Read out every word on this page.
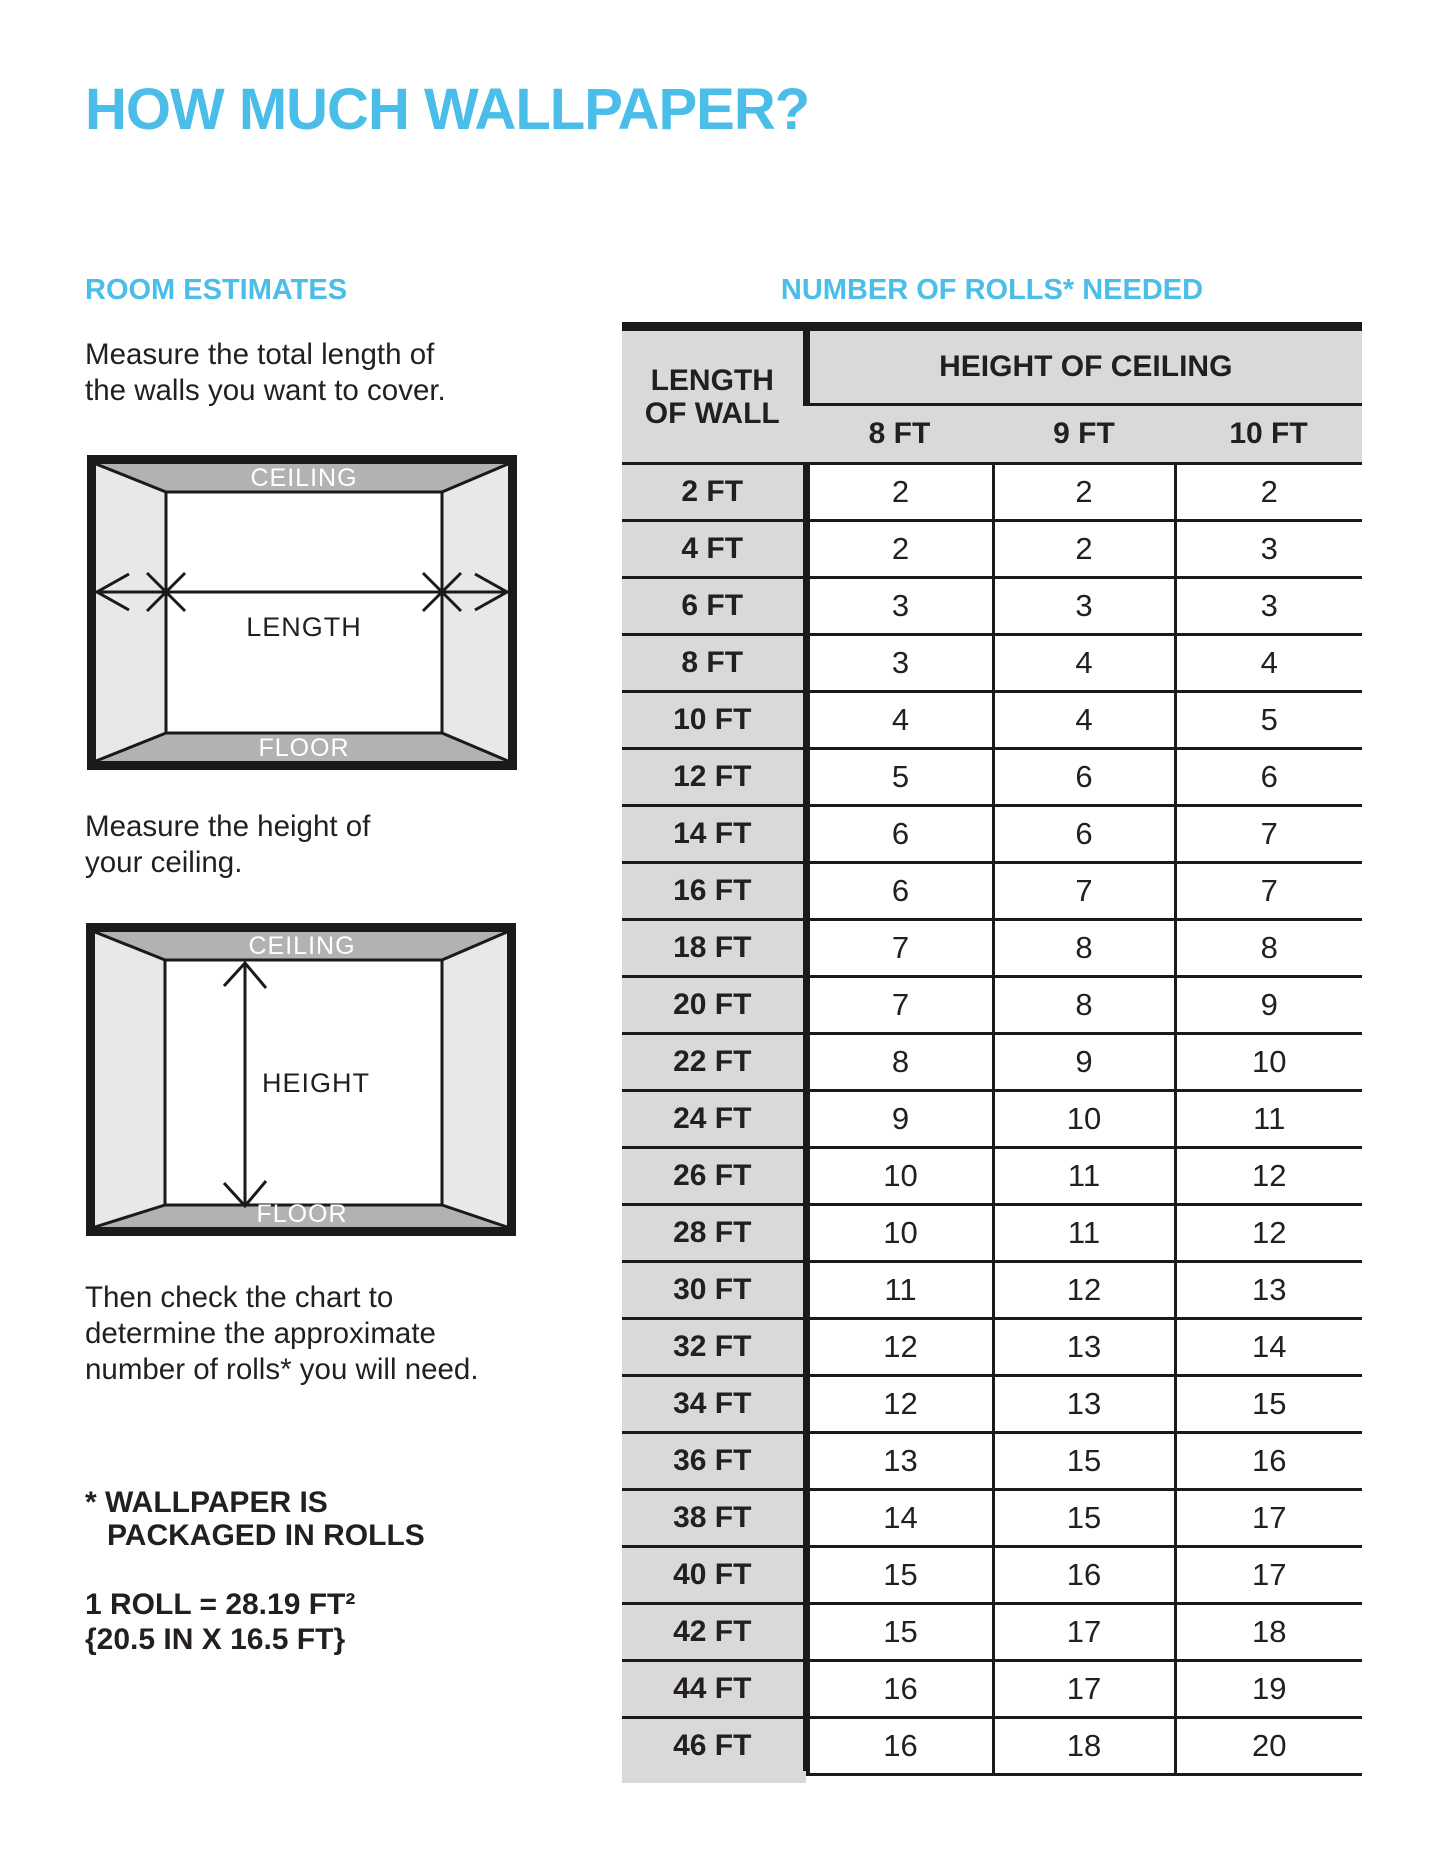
HOW MUCH WALLPAPER?
ROOM ESTIMATES
Measure the total length of
the walls you want to cover.
CEILING
FLOOR
LENGTH
Measure the height of
your ceiling.
CEILING
FLOOR
HEIGHT
Then check the chart to
determine the approximate
number of rolls* you will need.
* WALLPAPER IS
PACKAGED IN ROLLS
1 ROLL = 28.19 FT²
{20.5 IN X 16.5 FT}
NUMBER OF ROLLS* NEEDED
LENGTH
OF WALL	HEIGHT OF CEILING		
	8 FT	9 FT	10 FT
2 FT	2	2	2
4 FT	2	2	3
6 FT	3	3	3
8 FT	3	4	4
10 FT	4	4	5
12 FT	5	6	6
14 FT	6	6	7
16 FT	6	7	7
18 FT	7	8	8
20 FT	7	8	9
22 FT	8	9	10
24 FT	9	10	11
26 FT	10	11	12
28 FT	10	11	12
30 FT	11	12	13
32 FT	12	13	14
34 FT	12	13	15
36 FT	13	15	16
38 FT	14	15	17
40 FT	15	16	17
42 FT	15	17	18
44 FT	16	17	19
46 FT	16	18	20
